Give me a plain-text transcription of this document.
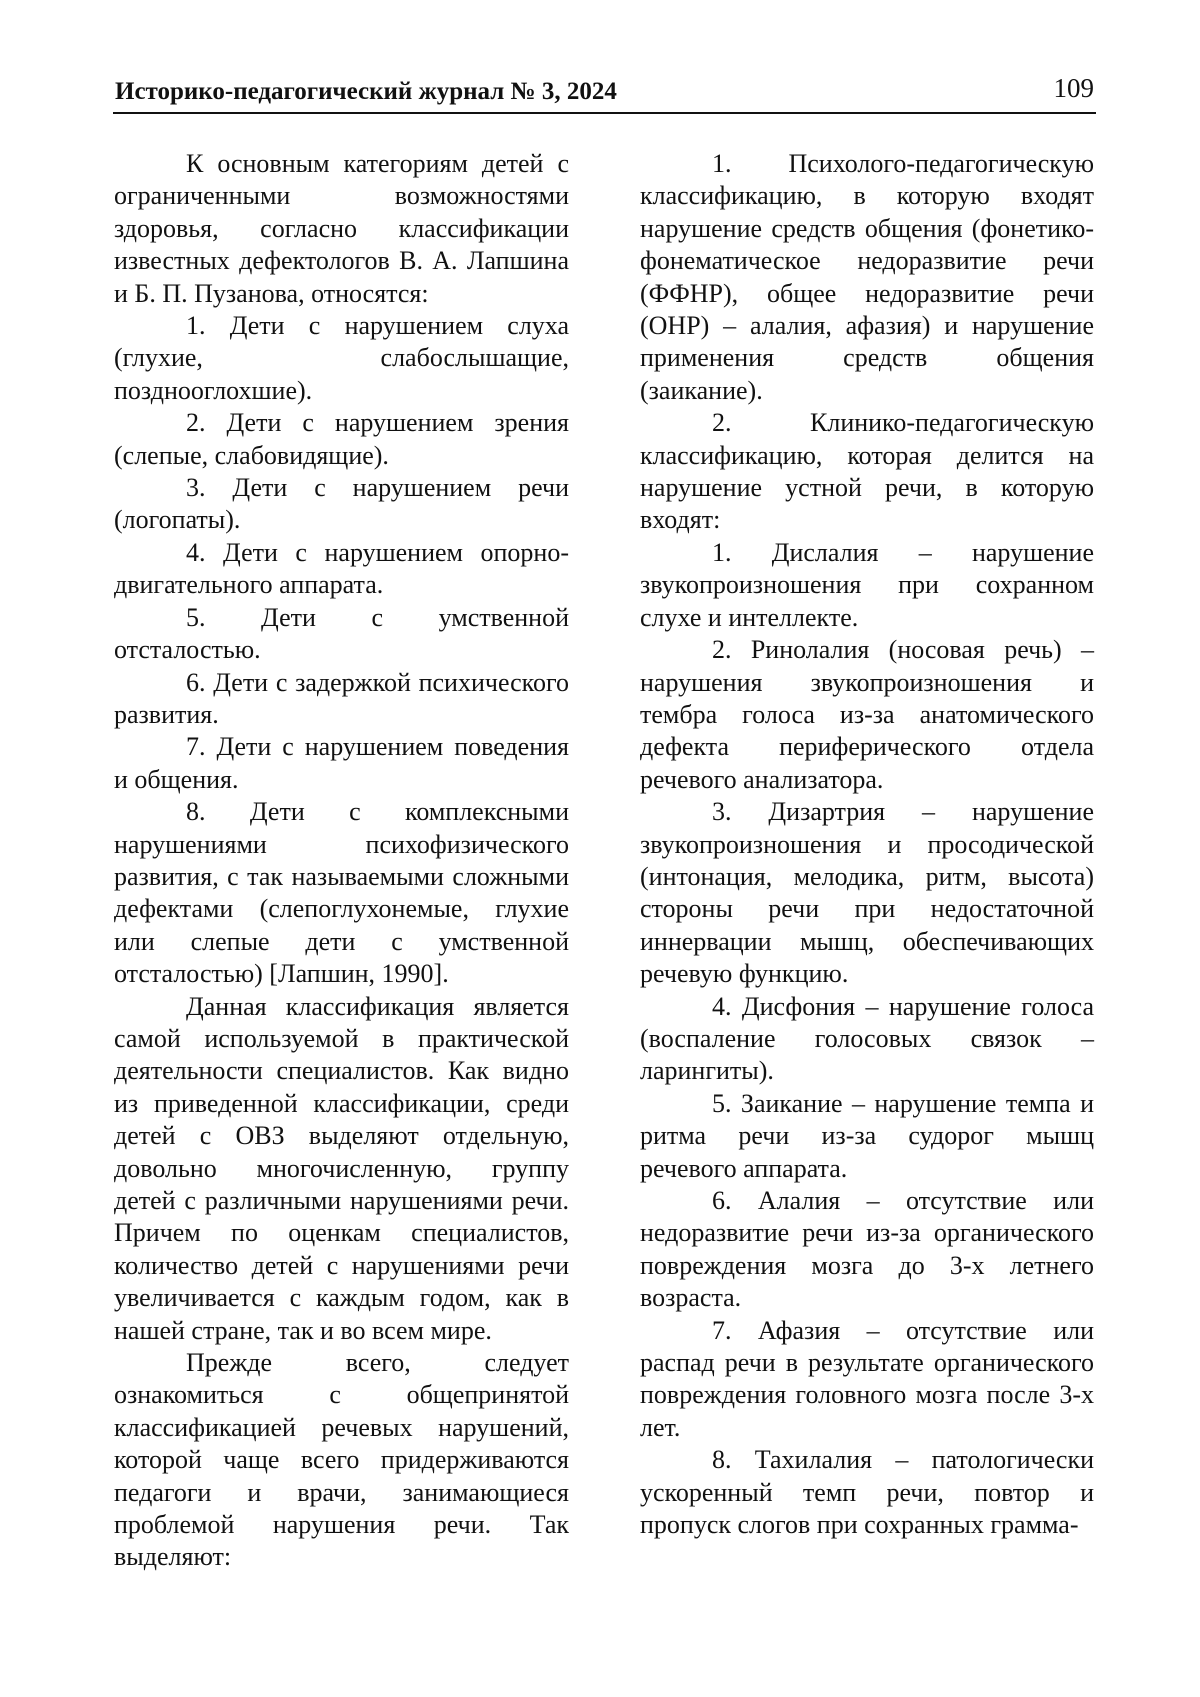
Историко-педагогический журнал № 3, 2024	109

К основным категориям детей с ограниченными возможностями здоровья, согласно классификации известных дефектологов В. А. Лапшина и Б. П. Пузанова, относятся:

1. Дети с нарушением слуха (глухие, слабослышащие, позднооглохшие).

2. Дети с нарушением зрения (слепые, слабовидящие).

3. Дети с нарушением речи (логопаты).

4. Дети с нарушением опорно-двигательного аппарата.

5. Дети с умственной отсталостью.

6. Дети с задержкой психического развития.

7. Дети с нарушением поведения и общения.

8. Дети с комплексными нарушениями психофизического развития, с так называемыми сложными дефектами (слепоглухонемые, глухие или слепые дети с умственной отсталостью) [Лапшин, 1990].

Данная классификация является самой используемой в практической деятельности специалистов. Как видно из приведенной классификации, среди детей с ОВЗ выделяют отдельную, довольно многочисленную, группу детей с различными нарушениями речи. Причем по оценкам специалистов, количество детей с нарушениями речи увеличивается с каждым годом, как в нашей стране, так и во всем мире.

Прежде всего, следует ознакомиться с общепринятой классификацией речевых нарушений, которой чаще всего придерживаются педагоги и врачи, занимающиеся проблемой нарушения речи. Так выделяют:

1. Психолого-педагогическую классификацию, в которую входят нарушение средств общения (фонетико-фонематическое недоразвитие речи (ФФНР), общее недоразвитие речи (ОНР) – алалия, афазия) и нарушение применения средств общения (заикание).

2. Клинико-педагогическую классификацию, которая делится на нарушение устной речи, в которую входят:

1. Дислалия – нарушение звукопроизношения при сохранном слухе и интеллекте.

2. Ринолалия (носовая речь) – нарушения звукопроизношения и тембра голоса из-за анатомического дефекта периферического отдела речевого анализатора.

3. Дизартрия – нарушение звукопроизношения и просодической (интонация, мелодика, ритм, высота) стороны речи при недостаточной иннервации мышц, обеспечивающих речевую функцию.

4. Дисфония – нарушение голоса (воспаление голосовых связок – ларингиты).

5. Заикание – нарушение темпа и ритма речи из-за судорог мышц речевого аппарата.

6. Алалия – отсутствие или недоразвитие речи из-за органического повреждения мозга до 3-х летнего возраста.

7. Афазия – отсутствие или распад речи в результате органического повреждения головного мозга после 3-х лет.

8. Тахилалия – патологически ускоренный темп речи, повтор и пропуск слогов при сохранных грамма-
